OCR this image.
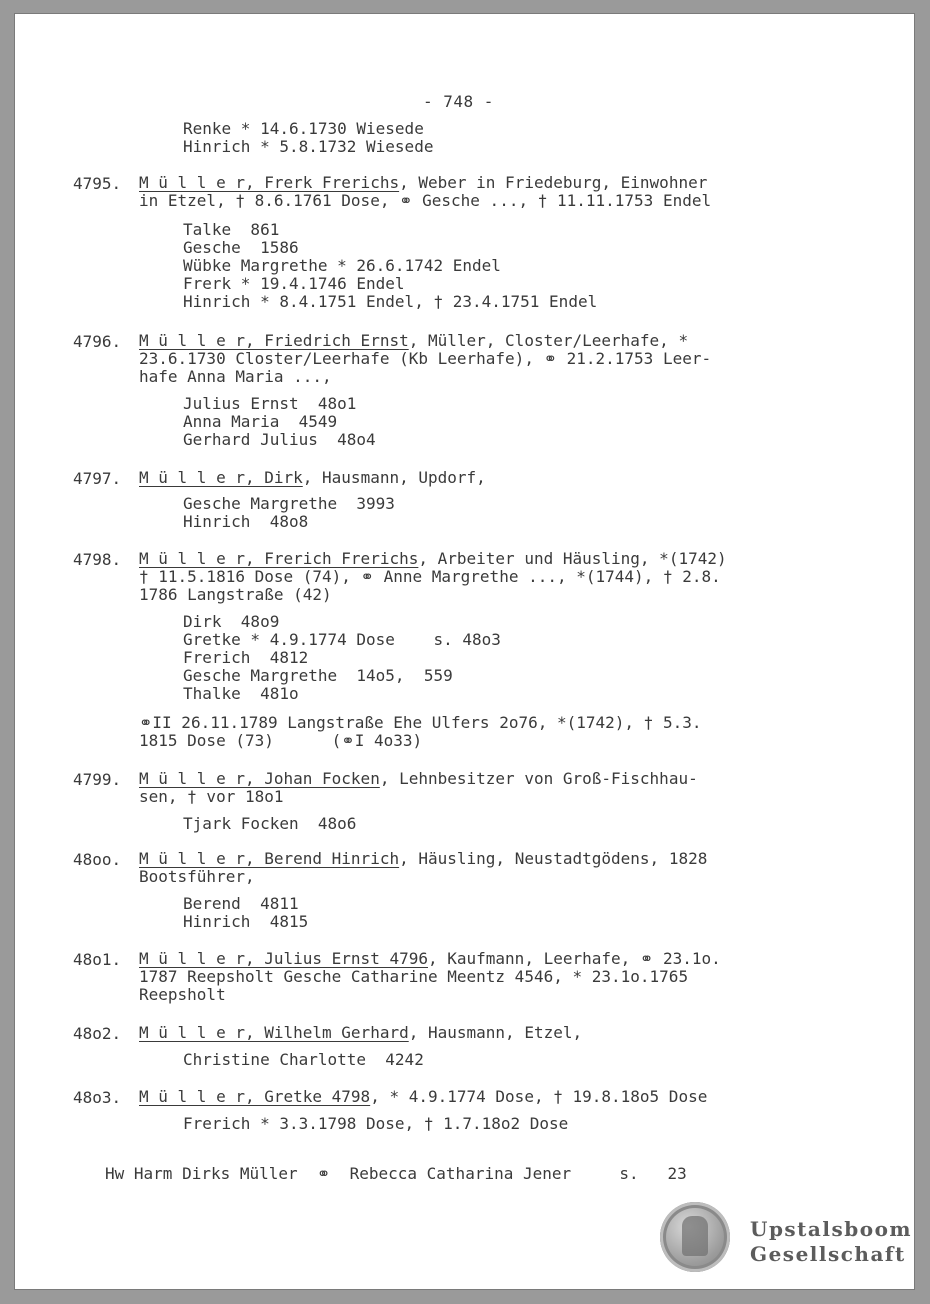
- 748 -
Renke * 14.6.1730 Wiesede
Hinrich * 5.8.1732 Wiesede
4795. M ü l l e r, Frerk Frerichs, Weber in Friedeburg, Einwohner
in Etzel, † 8.6.1761 Dose, ⚭ Gesche ..., † 11.11.1753 Endel
Talke  861
Gesche  1586
Wübke Margrethe * 26.6.1742 Endel
Frerk * 19.4.1746 Endel
Hinrich * 8.4.1751 Endel, † 23.4.1751 Endel
4796. M ü l l e r, Friedrich Ernst, Müller, Closter/Leerhafe, *
23.6.1730 Closter/Leerhafe (Kb Leerhafe), ⚭ 21.2.1753 Leer-
hafe Anna Maria ...,
Julius Ernst  48o1
Anna Maria  4549
Gerhard Julius  48o4
4797. M ü l l e r, Dirk, Hausmann, Updorf,
Gesche Margrethe  3993
Hinrich  48o8
4798. M ü l l e r, Frerich Frerichs, Arbeiter und Häusling, *(1742)
† 11.5.1816 Dose (74), ⚭ Anne Margrethe ..., *(1744), † 2.8.
1786 Langstraße (42)
Dirk  48o9
Gretke * 4.9.1774 Dose    s. 48o3
Frerich  4812
Gesche Margrethe  14o5,  559
Thalke  481o
⚭II 26.11.1789 Langstraße Ehe Ulfers 2o76, *(1742), † 5.3.
1815 Dose (73)      (⚭I 4o33)
4799. M ü l l e r, Johan Focken, Lehnbesitzer von Groß-Fischhau-
sen, † vor 18o1
Tjark Focken  48o6
48oo. M ü l l e r, Berend Hinrich, Häusling, Neustadtgödens, 1828
Bootsführer,
Berend  4811
Hinrich  4815
48o1. M ü l l e r, Julius Ernst 4796, Kaufmann, Leerhafe, ⚭ 23.1o.
1787 Reepsholt Gesche Catharine Meentz 4546, * 23.1o.1765
Reepsholt
48o2. M ü l l e r, Wilhelm Gerhard, Hausmann, Etzel,
Christine Charlotte  4242
48o3. M ü l l e r, Gretke 4798, * 4.9.1774 Dose, † 19.8.18o5 Dose
Frerich * 3.3.1798 Dose, † 1.7.18o2 Dose
Hw Harm Dirks Müller  ⚭  Rebecca Catharina Jener     s.   23
Upstalsboom
Gesellschaft
